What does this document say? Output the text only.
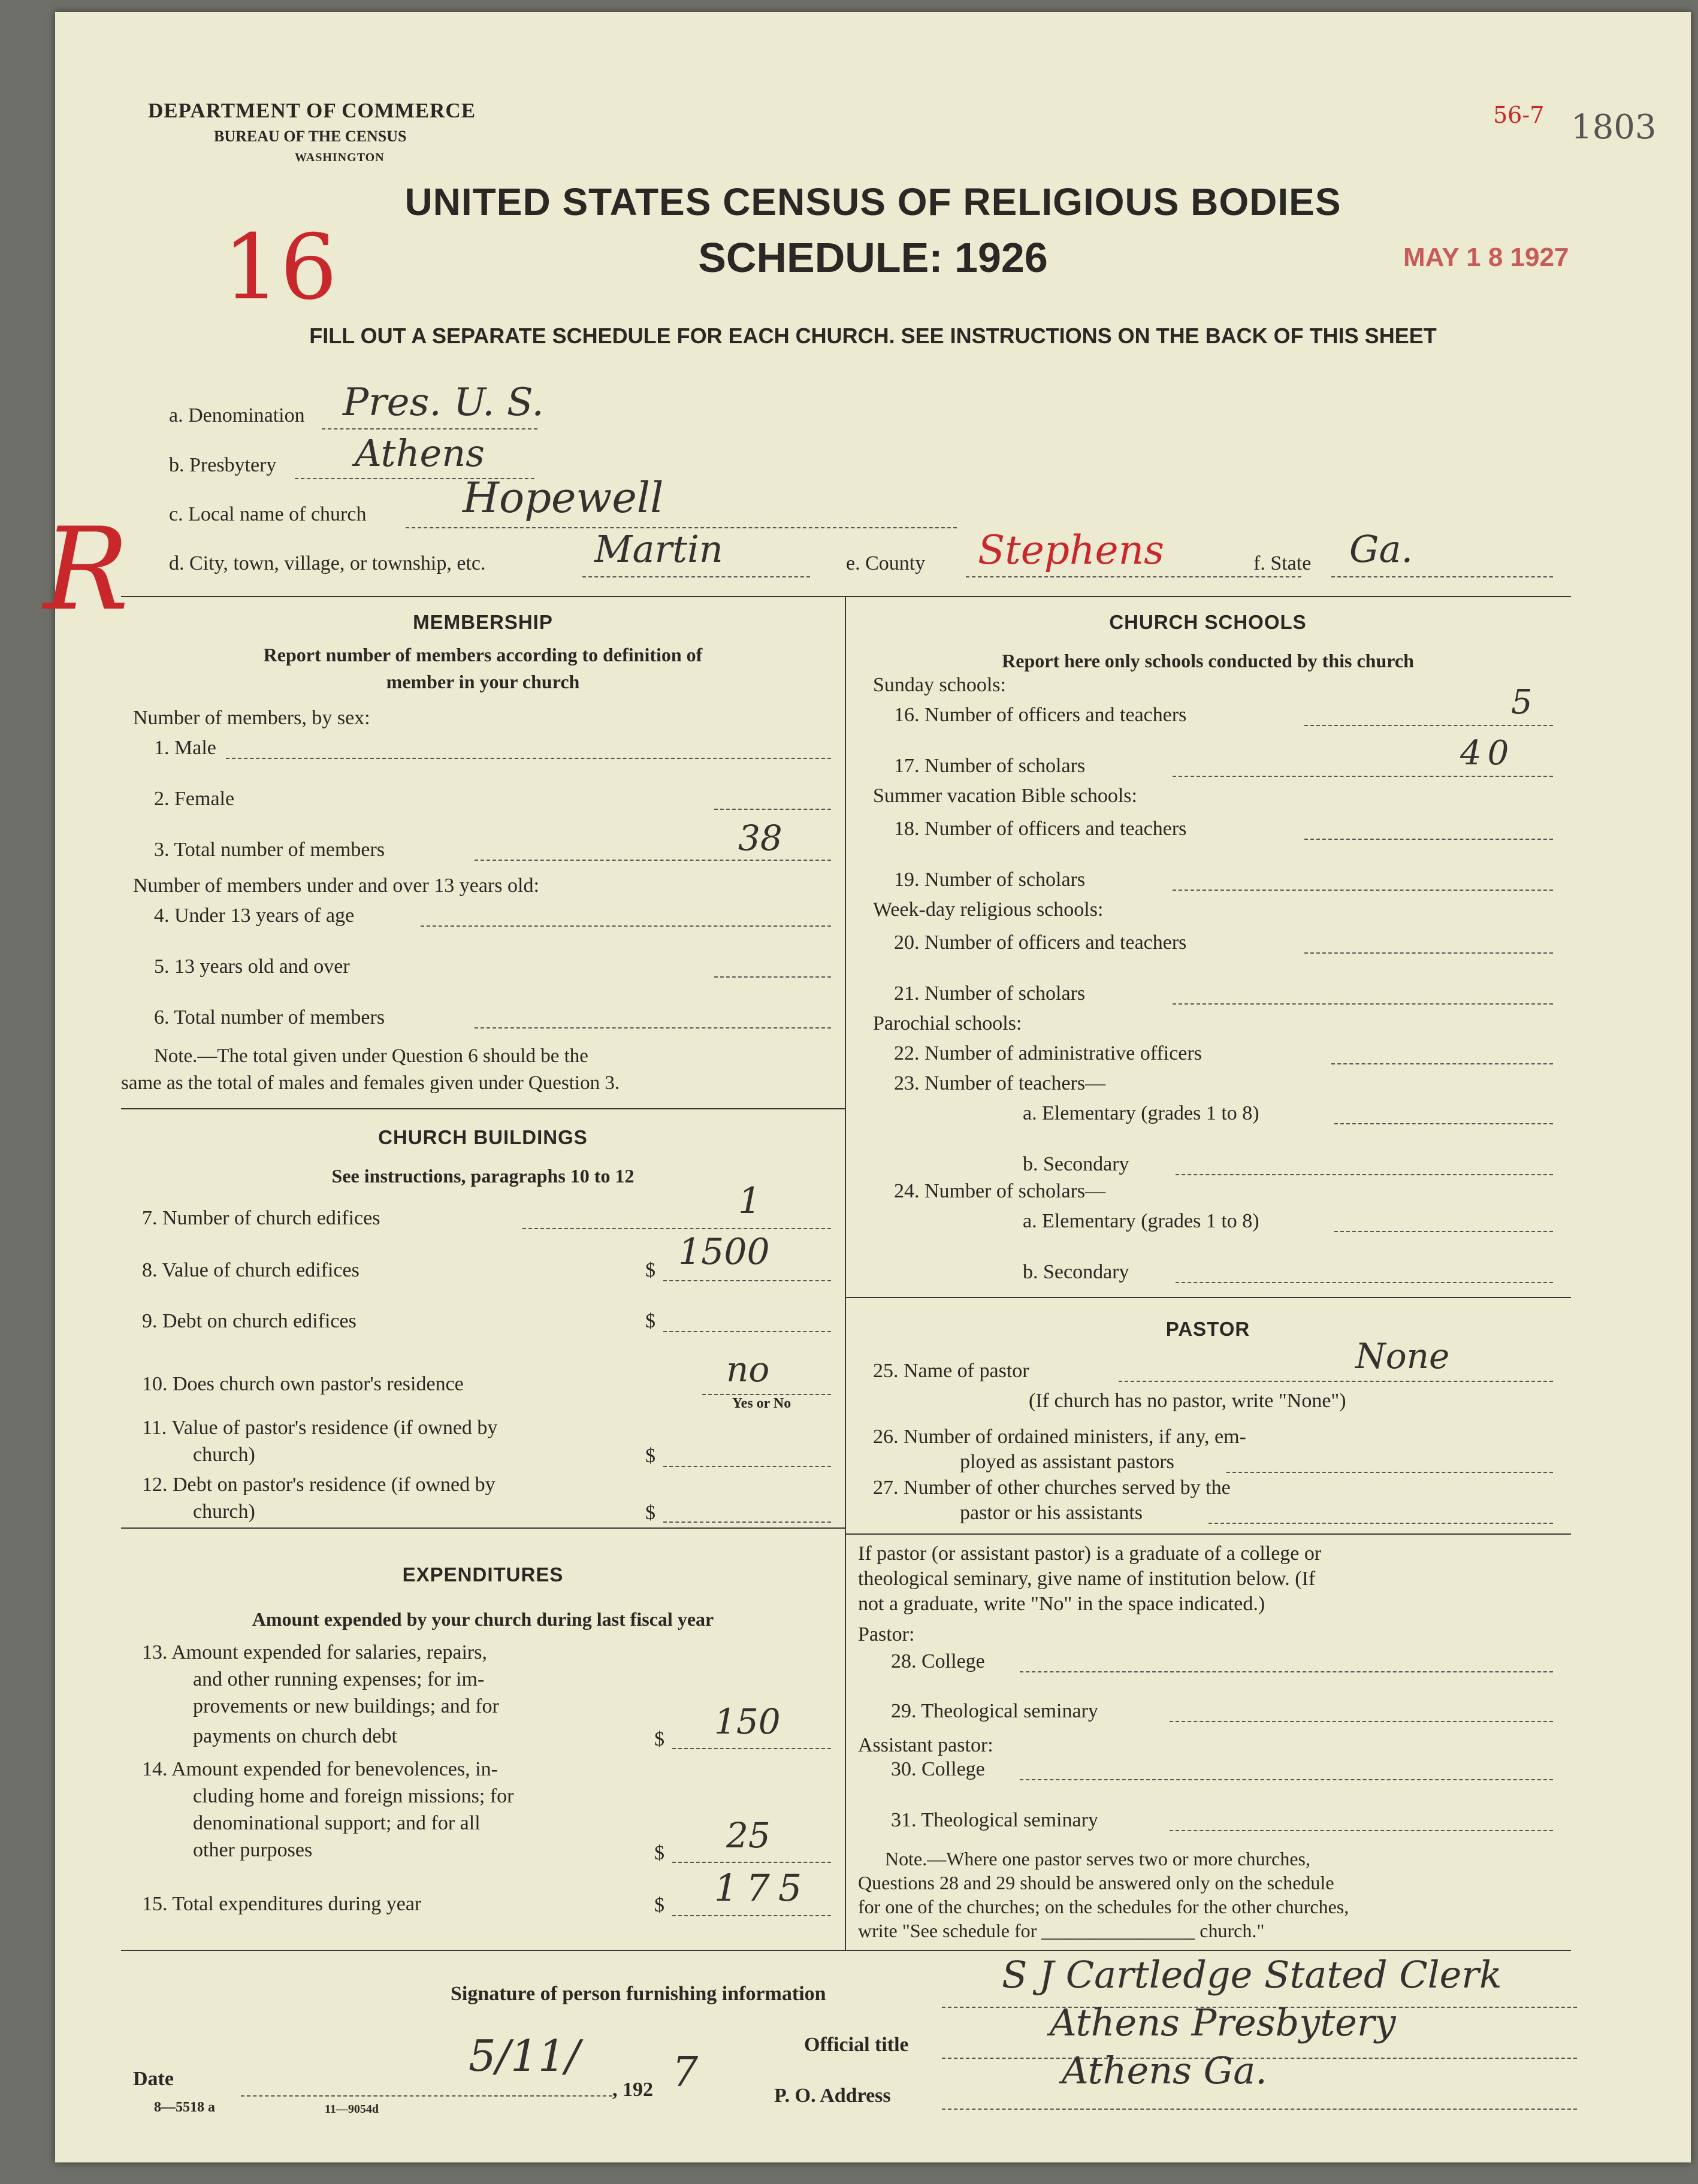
DEPARTMENT OF COMMERCE
BUREAU OF THE CENSUS
WASHINGTON
UNITED STATES CENSUS OF RELIGIOUS BODIES
SCHEDULE: 1926
FILL OUT A SEPARATE SCHEDULE FOR EACH CHURCH. SEE INSTRUCTIONS ON THE BACK OF THIS SHEET
16	MAY 1 8 1927
1803
56-7
R
a. Denomination Pres. U. S.
b. Presbytery Athens
c. Local name of church Hopewell
d. City, town, village, or township, etc.	Martin	e. County Stephens	f. State Ga.
MEMBERSHIP
Report number of members according to definition of
member in your church
Number of members, by sex:
1. Male
2. Female
3. Total number of members	38
Number of members under and over 13 years old:
4. Under 13 years of age
5. 13 years old and over
6. Total number of members
Note.—The total given under Question 6 should be the
same as the total of males and females given under Question 3.
CHURCH BUILDINGS
See instructions, paragraphs 10 to 12
7. Number of church edifices	1
8. Value of church edifices	$ 1500
9. Debt on church edifices	$
10. Does church own pastor's residence	no
Yes or No
11. Value of pastor's residence (if owned by
church)	$
12. Debt on pastor's residence (if owned by
church)	$
EXPENDITURES
Amount expended by your church during last fiscal year
13. Amount expended for salaries, repairs,
and other running expenses; for im-
provements or new buildings; and for
payments on church debt	$ 150
14. Amount expended for benevolences, in-
cluding home and foreign missions; for
denominational support; and for all
other purposes	$ 25
15. Total expenditures during year	$ 175
CHURCH SCHOOLS
Report here only schools conducted by this church
Sunday schools:
16. Number of officers and teachers	5
17. Number of scholars	40
Summer vacation Bible schools:
18. Number of officers and teachers
19. Number of scholars
Week-day religious schools:
20. Number of officers and teachers
21. Number of scholars
Parochial schools:
22. Number of administrative officers
23. Number of teachers—
a. Elementary (grades 1 to 8)
b. Secondary
24. Number of scholars—
a. Elementary (grades 1 to 8)
b. Secondary
PASTOR
25. Name of pastor	None
(If church has no pastor, write "None")
26. Number of ordained ministers, if any, em-
ployed as assistant pastors
27. Number of other churches served by the
pastor or his assistants
If pastor (or assistant pastor) is a graduate of a college or
theological seminary, give name of institution below. (If
not a graduate, write "No" in the space indicated.)
Pastor:
28. College
29. Theological seminary
Assistant pastor:
30. College
31. Theological seminary
Note.—Where one pastor serves two or more churches,
Questions 28 and 29 should be answered only on the schedule
for one of the churches; on the schedules for the other churches,
write "See schedule for ________________ church."
Signature of person furnishing information	S J Cartledge Stated Clerk
Official title
Athens Presbytery
P. O. Address
Athens Ga.
Date	5/11/
, 192 7
8—5518 a	11—9054d
